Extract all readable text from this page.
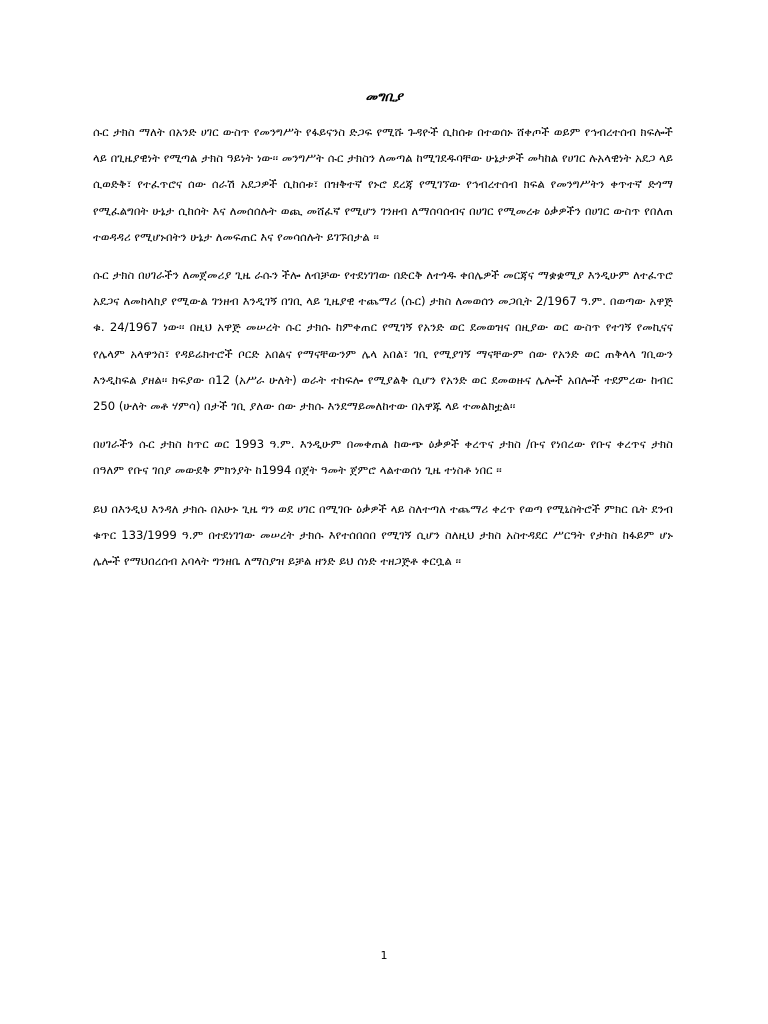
መግቢያ

ሱር ታክስ ማለት በአንድ ሀገር ውስጥ የመንግሥት የፋይናንስ ድጋፍ የሚሹ ጉዳዮች ሲከሰቱ በተወሰኑ ሸቀጦች ወይም የኅብረተሰብ ክፍሎች ላይ በጊዜያዊነት የሚጣል ታክስ ዓይነት ነው፡፡ መንግሥት ሱር ታክስን ለመጣል ከሚገደዱባቸው ሁኔታዎች መካከል የሀገር ሉአላዊነት አደጋ ላይ ሲወድቅ፣ የተፈጥሮና ሰው ሰራሽ አደጋዎች ሲከሰቱ፣ በዝቅተኛ የኑሮ ደረጃ የሚገኘው የኅብረተሰብ ክፍል የመንግሥትን ቀጥተኛ ድጎማ የሚፈልግበት ሁኔታ ሲከሰት እና ለመሰሰሉት ወጪ መሸፈኛ የሚሆን ገንዘብ ለማሰባሰብና በሀገር የሚመረቱ ዕቃዎችን በሀገር ውስጥ የበለጠ ተወዳዳሪ የሚሆኑበትን ሁኔታ ለመፍጠር እና የመሳሰሉት ይገኙበታል ፡፡

ሱር ታክስ በሀገራችን ለመጀመሪያ ጊዜ ራሱን ችሎ ለብቻው የተደነገገው በድርቅ ለተጎዱ ቀበሌዎች መርጃና ማቋቋሚያ እንዲሁም ለተፈጥሮ አደጋና ለመከላከያ የሚውል ገንዘብ እንዲገኝ በገቢ ላይ ጊዜያዊ ተጨማሪ (ሱር) ታክስ ለመወሰን መጋቢት 2/1967 ዓ.ም. በወጣው አዋጅ ቁ. 24/1967 ነው፡፡ በዚህ አዋጅ መሠረት ሱር ታክሱ ከምቀጠር የሚገኝ የአንድ ወር ደመወዝና በዚያው ወር ውስጥ የተገኝ የመኪናና የሌላም አላዋንስ፣ የዳይሬክተሮች ቦርድ አበልና የማናቸውንም ሌላ አበል፣ ገቢ የሚያገኝ ማናቸውም ሰው የአንድ ወር ጠቅላላ ገቢውን እንዲከፍል ያዘል፡፡ ክፍያው በ12 (አሥራ ሁለት) ወራት ተከፍሎ የሚያልቅ ሲሆን የአንድ ወር ደመወዙና ሌሎች አበሎች ተደምረው ከብር 250 (ሁለት መቶ ሃምሳ) በታች ገቢ ያለው ሰው ታክሱ እንደማይመለከተው በአዋጁ ላይ ተመልክቷል፡፡

በሀገራችን ሱር ታክስ ከጥር ወር 1993 ዓ.ም. እንዲሁም በመቀጠል ከውጭ ዕቃዎች ቀረጥና ታክስ /ቡና የነበረው የቡና ቀረጥና ታክስ በዓለም የቡና ገበያ መውደቅ ምክንያት ከ1994 በጀት ዓመት ጀምሮ ላልተወሰነ ጊዜ ተነስቶ ነበር ፡፡

ይህ በእንዲህ እንዳለ ታክሱ በአሁኑ ጊዜ ግን ወደ ሀገር በሚገቡ ዕቃዎች ላይ ስለተጣለ ተጨማሪ ቀረጥ የወጣ የሚኒስትሮች ምክር ቤት ደንብ ቁጥር 133/1999 ዓ.ም በተደነገገው መሠረት ታክሱ እየተሰበሰበ የሚገኝ ሲሆን ስለዚህ ታክስ አስተዳደር ሥርዓት የታክስ ከፋይም ሆኑ ሌሎች የማህበረሰብ አባላት ግንዘቤ ለማስያዝ ይቻል ዘንድ ይህ ሰነድ ተዘጋጅቶ ቀርቧል ፡፡

1
